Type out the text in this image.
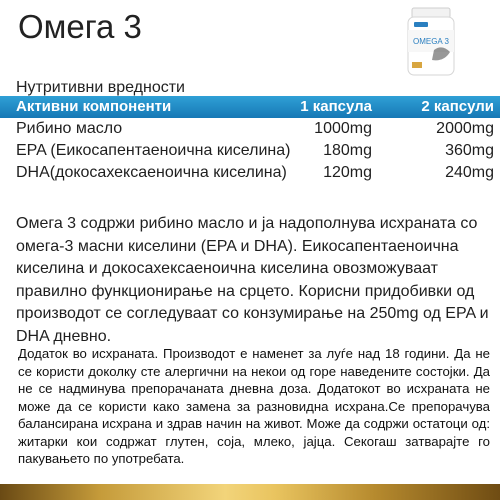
Омега 3	OMEGA 3
Нутритивни вредности
Активни компоненти	1 капсула	2 капсули
Рибино масло	1000mg	2000mg
EPA (Еикосапентаеноична киселина) 180mg	360mg
DHA(докосахексаеноична киселина) 120mg	240mg
Омега 3 содржи рибино масло и ја надополнува исхраната со омега-3 масни киселини (EPA и DHA). Еикосапентаеноична киселина и докосахексаеноична киселина овозможуваат правилно функционирање на срцето. Корисни придобивки од производот се согледуваат со конзумирање на 250mg од EPA и DHA дневно.
Додаток во исхраната. Производот е наменет за луѓе над 18 години. Да не се користи доколку сте алергични на некои од горе наведените состојки. Да не се надминува препорачаната дневна доза. Додатокот во исхраната не може да се користи како замена за разновидна исхрана.Се препорачува балансирана исхрана и здрав начин на живот. Може да содржи остатоци од: житарки кои содржат глутен, соја, млеко, јајца. Секогаш затварајте го пакувањето по употребата.
